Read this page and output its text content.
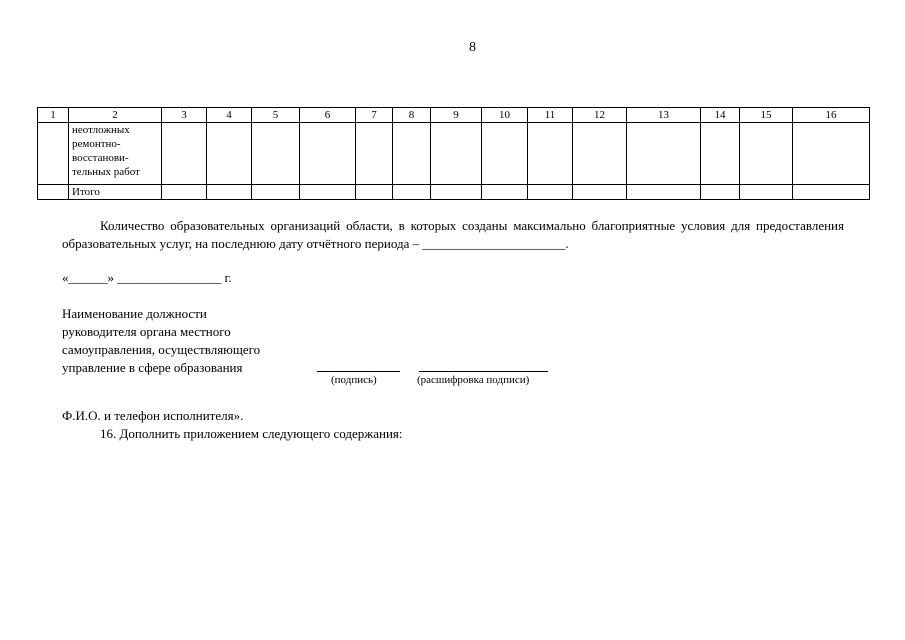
8
1	2	3	4	5	6	7	8	9	10	11	12	13	14	15	16

	неотложных
ремонтно-
восстанови-
тельных работ														

	Итого														
Количество образовательных организаций области, в которых созданы максимально благоприятные условия для предоставления образовательных услуг, на последнюю дату отчётного периода – ______________________.
«______» ________________ г.
Наименование должности
руководителя органа местного
самоуправления, осуществляющего
управление в сфере образования
(подпись)	(расшифровка подписи)
Ф.И.О. и телефон исполнителя».
16. Дополнить приложением следующего содержания:
